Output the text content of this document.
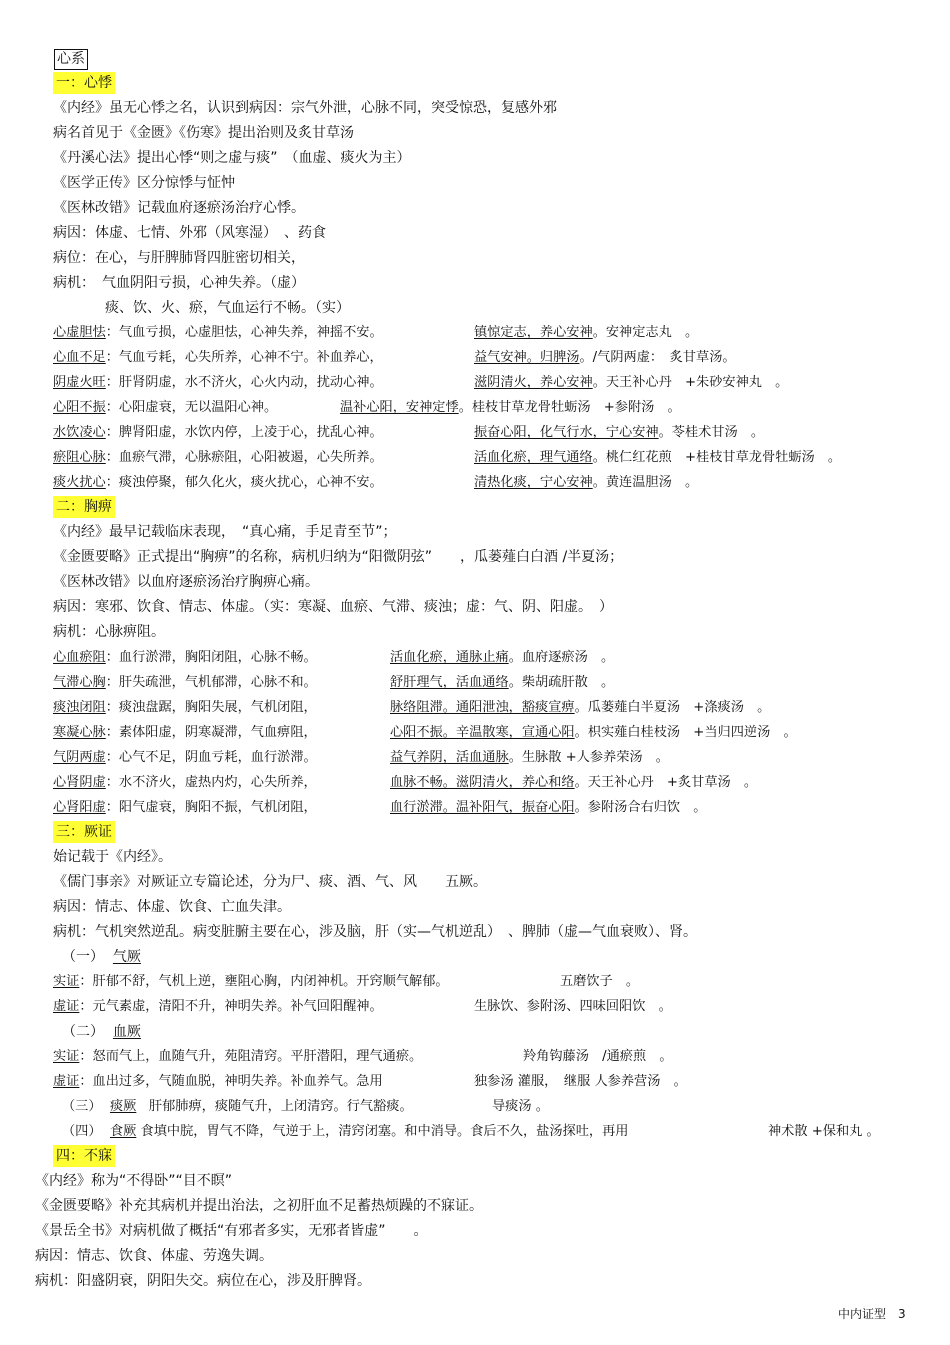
心系
一：心悸
《内经》虽无心悸之名，认识到病因：宗气外泄，心脉不同，突受惊恐，复感外邪
病名首见于《金匮》《伤寒》提出治则及炙甘草汤
《丹溪心法》提出心悸“则之虚与痰”　（血虚、痰火为主）
《医学正传》区分惊悸与怔忡
《医林改错》记载血府逐瘀汤治疗心悸。
病因：体虚、七情、外邪（风寒湿）　、药食
病位：在心，与肝脾肺肾四脏密切相关，
病机：　气血阴阳亏损，心神失养。（虚）
痰、饮、火、瘀，气血运行不畅。（实）
心虚胆怯：气血亏损，心虚胆怯，心神失养，神摇不安。	镇惊定志，养心安神。安神定志丸　。
心血不足：气血亏耗，心失所养，心神不宁。补血养心，	益气安神。归脾汤。/气阴两虚：　炙甘草汤。
阴虚火旺：肝肾阴虚，水不济火，心火内动，扰动心神。	滋阴清火，养心安神。天王补心丹　+朱砂安神丸　。
心阳不振：心阳虚衰，无以温阳心神。	温补心阳，安神定悸。桂枝甘草龙骨牡蛎汤　+参附汤　。
水饮凌心：脾肾阳虚，水饮内停，上凌于心，扰乱心神。	振奋心阳，化气行水，宁心安神。苓桂术甘汤　。
瘀阻心脉：血瘀气滞，心脉瘀阻，心阳被遏，心失所养。	活血化瘀，理气通络。桃仁红花煎　+桂枝甘草龙骨牡蛎汤　。
痰火扰心：痰浊停聚，郁久化火，痰火扰心，心神不安。	清热化痰，宁心安神。黄连温胆汤　。
二：胸痹
《内经》最早记载临床表现，　“真心痛，手足青至节”；
《金匮要略》正式提出“胸痹”的名称，病机归纳为“阳微阴弦”　　，瓜蒌薤白白酒 /半夏汤；
《医林改错》以血府逐瘀汤治疗胸痹心痛。
病因：寒邪、饮食、情志、体虚。（实：寒凝、血瘀、气滞、痰浊；虚：气、阴、阳虚。　）
病机：心脉痹阻。
心血瘀阻：血行淤滞，胸阳闭阻，心脉不畅。	活血化瘀，通脉止痛。血府逐瘀汤　。
气滞心胸：肝失疏泄，气机郁滞，心脉不和。	舒肝理气，活血通络。柴胡疏肝散　。
痰浊闭阻：痰浊盘踞，胸阳失展，气机闭阻，	脉络阻滞。通阳泄浊，豁痰宣痹。瓜蒌薤白半夏汤　+涤痰汤　。
寒凝心脉：素体阳虚，阴寒凝滞，气血痹阻，	心阳不振。辛温散寒，宣通心阳。枳实薤白桂枝汤　+当归四逆汤　。
气阴两虚：心气不足，阴血亏耗，血行淤滞。	益气养阴，活血通脉。生脉散 +人参养荣汤　。
心肾阴虚：水不济火，虚热内灼，心失所养，	血脉不畅。滋阴清火，养心和络。天王补心丹　+炙甘草汤　。
心肾阳虚：阳气虚衰，胸阳不振，气机闭阻，	血行淤滞。温补阳气，振奋心阳。参附汤合右归饮　。
三：厥证
始记载于《内经》。
《儒门事亲》对厥证立专篇论述，分为尸、痰、酒、气、风　　五厥。
病因：情志、体虚、饮食、亡血失津。
病机：气机突然逆乱。病变脏腑主要在心，涉及脑，肝（实—气机逆乱）　、脾肺（虚—气血衰败）、肾。
（一） 气厥
实证：肝郁不舒，气机上逆，壅阻心胸，内闭神机。开窍顺气解郁。	五磨饮子　。
虚证：元气素虚，清阳不升，神明失养。补气回阳醒神。	生脉饮、参附汤、四味回阳饮　。
（二） 血厥
实证：怒而气上，血随气升，苑阻清窍。平肝潜阳，理气通瘀。	羚角钩藤汤　/通瘀煎　。
虚证：血出过多，气随血脱，神明失养。补血养气。急用	独参汤 灌服，　继服 人参养营汤　。
（三） 痰厥 肝郁肺痹，痰随气升，上闭清窍。行气豁痰。	导痰汤 。
（四） 食厥 食填中脘，胃气不降，气逆于上，清窍闭塞。和中消导。食后不久，盐汤探吐，再用	神术散 +保和丸 。
四：不寐
《内经》称为“不得卧”“目不瞑”
《金匮要略》补充其病机并提出治法，之初肝血不足蓄热烦躁的不寐证。
《景岳全书》对病机做了概括“有邪者多实，无邪者皆虚”　　。
病因：情志、饮食、体虚、劳逸失调。
病机：阳盛阴衰，阴阳失交。病位在心，涉及肝脾肾。
中内证型　3
